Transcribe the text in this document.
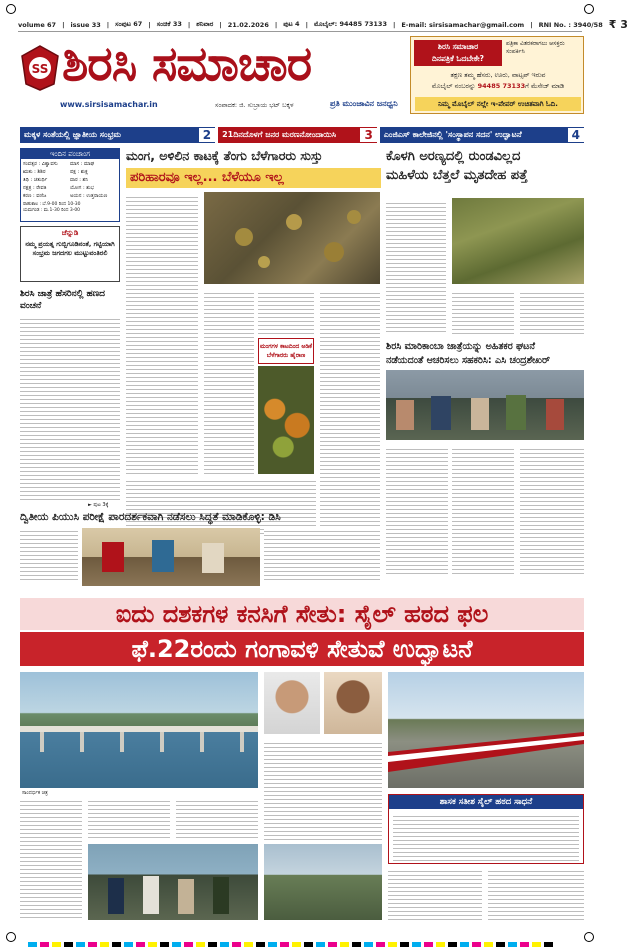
volume 67 | issue 33 | ಸಂಪುಟ 67 | ಸಂಚಿಕೆ 33 | ಶನಿವಾರ | 21.02.2026 | ಪುಟ 4 | ಮೊಬೈಲ್: 94485 73133 | E-mail: sirsisamachar@gmail.com | RNI No. : 3940/58 ₹ 3
SS ಶಿರಸಿ ಸಮಾಚಾರ
www.sirsisamachar.in	ಸಂಪಾದಕ: ಜಿ. ಸುಬ್ರಾಯ ಭಟ್ ಬಕ್ಕಳ	ಪ್ರತಿ ಮುಂಜಾವಿನ ಜನಧ್ವನಿ
ಶಿರಸಿ ಸಮಾಚಾರ
ದಿನಪತ್ರಿಕೆ ಓದಬೇಕೇ?
ಪತ್ರಿಕಾ ವಿತರಕರಾಗಲು ಆಸಕ್ತರು ಸಂಪರ್ಕಿಸಿ
ತಕ್ಷಣ ತಮ್ಮ ಹೆಸರು, ಊರು, ವಾಟ್ಸಪ್ ಇರುವ
ಮೊಬೈಲ್ ನಂಬರನ್ನು 94485 73133ಗೆ ಮೆಸೇಜ್ ಮಾಡಿ
ನಿಮ್ಮ ಮೊಬೈಲ್ ನಲ್ಲೇ ಇ-ಪೇಪರ್ ಉಚಿತವಾಗಿ ಓದಿ.
ಮಕ್ಕಳ ಸಂತೆಯಲ್ಲಿ ಜ್ಞಾತೀಯ ಸಂಭ್ರಮ	2	21ದಿನದೊಳಗೆ ಜನರ ಮರಣನೋಂದಾಯಿಸಿ	3	ಎಂಜಿಎಸ್ ಕಾಲೇಜಿನಲ್ಲಿ 'ಸಂಸ್ಥಾಪನ ಸದನ' ಉದ್ಘಾಟನೆ	4
ಇಂದಿನ ಪಂಚಾಂಗ
ಸಂವತ್ಸರ : ವಿಶ್ವಾವಸು	ಮಾಸ : ಮಾಘ
ಋತು : ಶಿಶಿರ	ಪಕ್ಷ : ಶುಕ್ಲ
ತಿಥಿ : ಚತುರ್ಥಿ	ವಾರ : ಶನಿ
ನಕ್ಷತ್ರ : ರೇವತಿ	ಯೋಗ : ಶುಭ
ಕರಣ : ವಣಿಜ	ಅಯನ : ಉತ್ತರಾಯಣ
ರಾಹುಕಾಲ : ಬೆ.9-00 ರಿಂದ 10-30
ಯಮಗಂಡ : ಮ.1-30 ರಿಂದ 3-00
ಚೆನ್ನುಡಿ
ನಮ್ಮ ಪ್ರಯತ್ನ ಗುಬ್ಬಿಗೂಡಿನಂತೆ, ಗಟ್ಟಿಯಾಗಿ ಸಂಭ್ರಮ ಜಗದಗಲ ಮುಟ್ಟುವಂತಿರಲಿ
ಶಿರಸಿ ಜಾತ್ರೆ ಹೆಸರಿನಲ್ಲಿ ಹಣದ ವಂಚನೆ
► ಪುಟ 3ಕ್ಕೆ
ಮಂಗ, ಅಳಿಲಿನ ಕಾಟಕ್ಕೆ ತೆಂಗು ಬೆಳೆಗಾರರು ಸುಸ್ತು
ಪರಿಹಾರವೂ ಇಲ್ಲ... ಬೆಳೆಯೂ ಇಲ್ಲ
ಮಂಗಗಳ ಕಾಟದಿಂದ ಅಡಿಕೆ ಬೆಳೆಗಾರರು ಹೈರಾಣ
ಕೊಳಗಿ ಅರಣ್ಯದಲ್ಲಿ ರುಂಡವಿಲ್ಲದ
ಮಹಿಳೆಯ ಬೆತ್ತಲೆ ಮೃತದೇಹ ಪತ್ತೆ
ಶಿರಸಿ ಮಾರಿಕಾಂಬಾ ಜಾತ್ರೆಯನ್ನು ಅಹಿತಕರ ಘಟನೆ
ನಡೆಯದಂತೆ ಆಚರಿಸಲು ಸಹಕರಿಸಿ: ಎಸಿ ಚಂದ್ರಶೇಖರ್
ದ್ವಿತೀಯ ಪಿಯುಸಿ ಪರೀಕ್ಷೆ ಪಾರದರ್ಶಕವಾಗಿ ನಡೆಸಲು ಸಿದ್ಧತೆ ಮಾಡಿಕೊಳ್ಳಿ: ಡಿಸಿ
ಐದು ದಶಕಗಳ ಕನಸಿಗೆ ಸೇತು: ಸೈಲ್ ಹಠದ ಫಲ
ಫೆ.22ರಂದು ಗಂಗಾವಳಿ ಸೇತುವೆ ಉದ್ಘಾಟನೆ
ಸಾಂದರ್ಭಿಕ ಚಿತ್ರ
ಶಾಸಕ ಸತೀಶ ಸೈಲ್ ಹಠದ ಸಾಧನೆ
